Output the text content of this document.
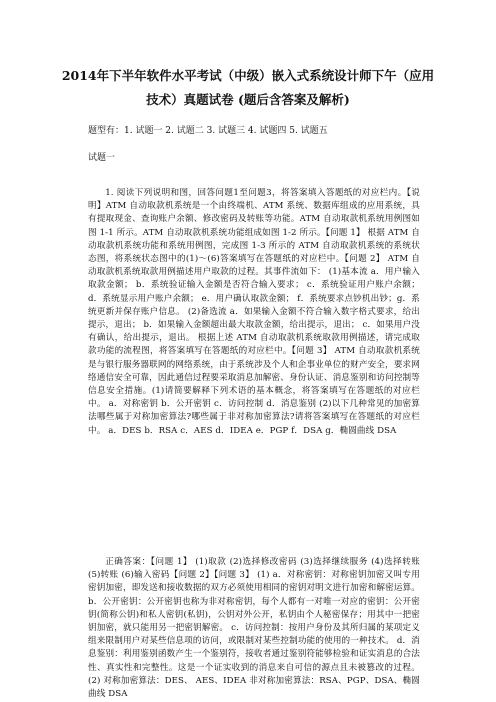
2014年下半年软件水平考试（中级）嵌入式系统设计师下午（应用技术）真题试卷 (题后含答案及解析)
题型有：1. 试题一 2. 试题二 3. 试题三 4. 试题四 5. 试题五
试题一
1. 阅读下列说明和图，回答问题1至问题3，将答案填入答题纸的对应栏内。【说明】ATM 自动取款机系统是一个由终端机、ATM 系统、数据库组成的应用系统，具有提取现金、查询账户余额、修改密码及转账等功能。ATM 自动取款机系统用例图如图 1-1 所示。ATM 自动取款机系统功能组成如图 1-2 所示。【问题 1】 根据 ATM 自动取款机系统功能和系统用例图，完成图 1-3 所示的 ATM 自动取款机系统的系统状态图，将系统状态图中的(1)～(6)答案填写在答题纸的对应栏中。【问题 2】 ATM 自动取款机系统取款用例描述用户取款的过程。其事件流如下： (1)基本流 a．用户输入取款金额； b．系统验证输入金额是否符合输入要求； c．系统验证用户账户余额； d．系统显示用户账户余额； e．用户确认取款金额； f．系统要求点钞机出钞；g．系统更新并保存账户信息。 (2)备选流 a．如果输入金额不符合输入数字格式要求，给出提示，退出； b．如果输入金额超出最大取款金额，给出提示，退出； c．如果用户没有确认，给出提示，退出。 根据上述 ATM 自动取款机系统取款用例描述，请完成取款功能的流程图，将答案填写在答题纸的对应栏中。【问题 3】 ATM 自动取款机系统是与银行服务器联网的网络系统，由于系统涉及个人和企事业单位的财产安全，要求网络通信安全可靠，因此通信过程要采取消息加解密、身份认证、消息鉴别和访问控制等信息安全措施。(1)请简要解释下列术语的基本概念，将答案填写在答题纸的对应栏中。 a．对称密钥 b．公开密钥 c．访问控制 d．消息鉴别 (2)以下几种常见的加密算法哪些属于对称加密算法?哪些属于非对称加密算法?请将答案填写在答题纸的对应栏中。 a．DES b．RSA c．AES d．IDEA e．PGP f．DSA g．椭圆曲线 DSA
正确答案：【问题 1】 (1)取款 (2)选择修改密码 (3)选择继续服务 (4)选择转账 (5)转账 (6)输入密码【问题 2】【问题 3】 (1) a．对称密钥：对称密钥加密又叫专用密钥加密，即发送和接收数据的双方必须使用相同的密钥对明文进行加密和解密运算。 b．公开密钥：公开密钥也称为非对称密钥，每个人都有一对唯一对应的密钥：公开密钥(简称公钥)和私人密钥(私钥)，公钥对外公开，私钥由个人秘密保存；用其中一把密钥加密，就只能用另一把密钥解密。 c．访问控制：按用户身份及其所归属的某项定义组来限制用户对某些信息项的访问，或限制对某些控制功能的使用的一种技术。 d．消息鉴别：利用鉴别函数产生一个鉴别符，接收者通过鉴别符能够检验和证实消息的合法性、真实性和完整性。这是一个证实收到的消息来自可信的源点且未被篡改的过程。 (2) 对称加密算法：DES、 AES、IDEA 非对称加密算法：RSA、PGP、DSA、椭圆曲线 DSA
